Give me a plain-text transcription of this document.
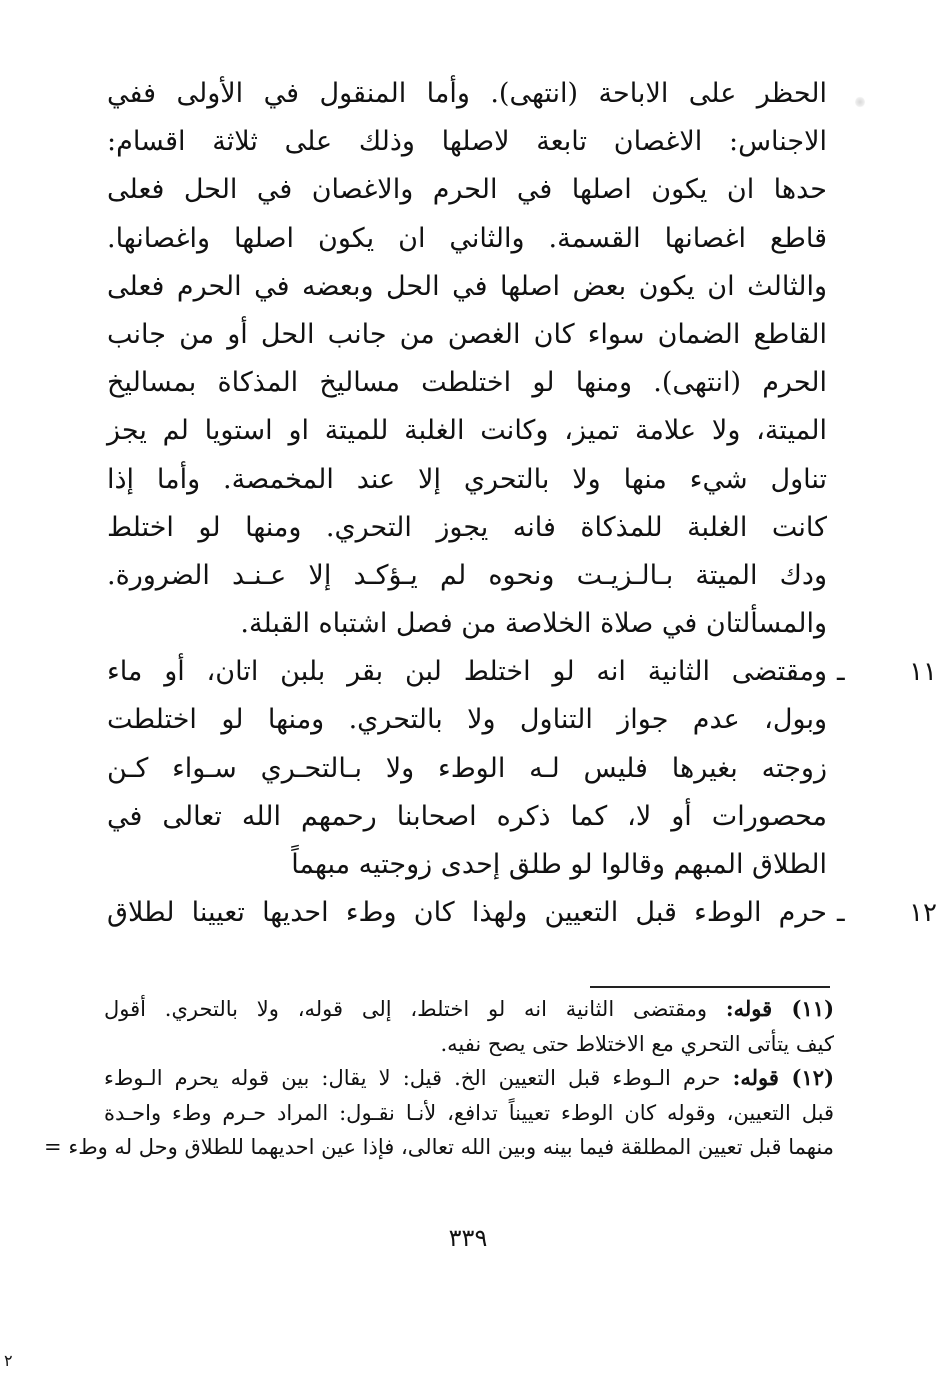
الحظر على الاباحة (انتهى). وأما المنقول في الأولى ففي
الاجناس: الاغصان تابعة لاصلها وذلك على ثلاثة اقسام:
حدها ان يكون اصلها في الحرم والاغصان في الحل فعلى
قاطع اغصانها القسمة. والثاني ان يكون اصلها واغصانها.
والثالث ان يكون بعض اصلها في الحل وبعضه في الحرم فعلى
القاطع الضمان سواء كان الغصن من جانب الحل أو من جانب
الحرم (انتهى). ومنها لو اختلطت مساليخ المذكاة بمساليخ
الميتة، ولا علامة تميز، وكانت الغلبة للميتة او استويا لم يجز
تناول شيء منها ولا بالتحري إلا عند المخمصة. وأما إذا
كانت الغلبة للمذكاة فانه يجوز التحري. ومنها لو اختلط
ودك الميتة بـالـزيـت ونحوه لم يـؤكـد إلا عـنـد الضرورة.
والمسألتان في صلاة الخلاصة من فصل اشتباه القبلة.
١١ ـ
ومقتضى الثانية انه لو اختلط لبن بقر بلبن اتان، أو ماء
وبول، عدم جواز التناول ولا بالتحري. ومنها لو اختلطت
زوجته بغيرها فليس لـه الوطء ولا بـالتحـري سـواء كـن
محصورات أو لا، كما ذكره اصحابنا رحمهم الله تعالى في
الطلاق المبهم وقالوا لو طلق إحدى زوجتيه مبهماً
١٢ ـ
حرم الوطء قبل التعيين ولهذا كان وطء احديها تعيينا لطلاق
(١١) قوله: ومقتضى الثانية انه لو اختلط، إلى قوله، ولا بالتحري. أقول
كيف يتأتى التحري مع الاختلاط حتى يصح نفيه.
(١٢) قوله: حرم الـوطء قبل التعيين الخ. قيل: لا يقال: بين قوله يحرم الـوطء
قبل التعيين، وقوله كان الوطء تعييناً تدافع، لأنـا نقـول: المراد حـرم وطء واحـدة
منهما قبل تعيين المطلقة فيما بينه وبين الله تعالى، فإذا عين احديهما للطلاق وحل له وطء =
٣٣٩
٢
